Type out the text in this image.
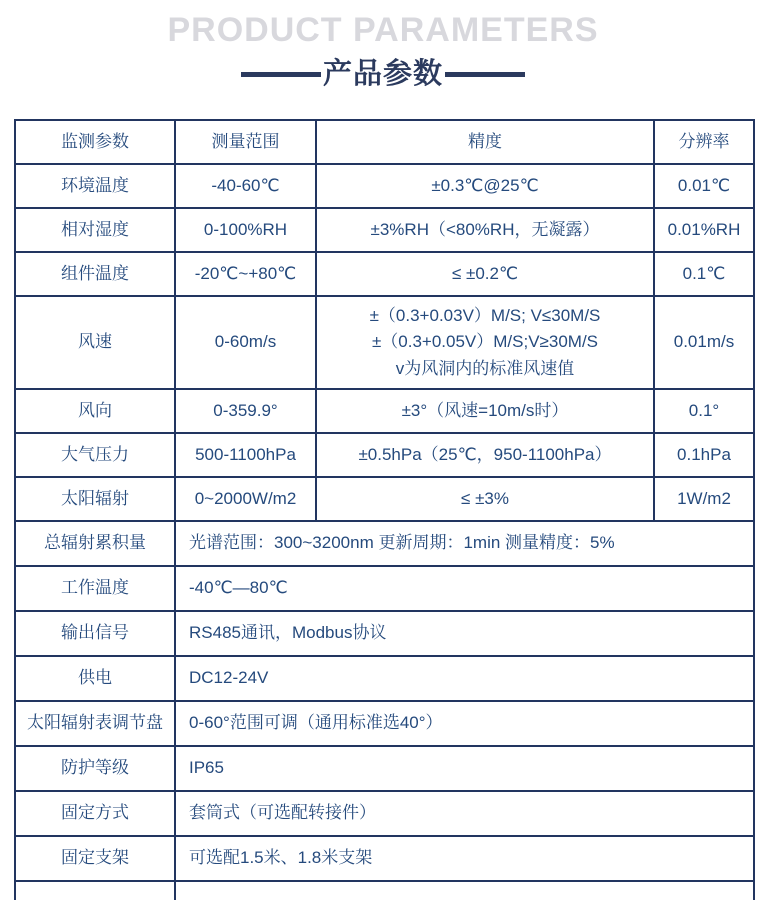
PRODUCT PARAMETERS
产品参数
监测参数	测量范围	精度	分辨率
环境温度	-40-60℃	±0.3℃@25℃	0.01℃
相对湿度	0-100%RH	±3%RH（<80%RH，无凝露）	0.01%RH
组件温度	-20℃~+80℃	≤ ±0.2℃	0.1℃
风速	0-60m/s	±（0.3+0.03V）M/S; V≤30M/S
±（0.3+0.05V）M/S;V≥30M/S
v为风洞内的标准风速值	0.01m/s
风向	0-359.9°	±3°（风速=10m/s时）	0.1°
大气压力	500-1100hPa	±0.5hPa（25℃，950-1100hPa）	0.1hPa
太阳辐射	0~2000W/m2	≤ ±3%	1W/m2
总辐射累积量	光谱范围：300~3200nm 更新周期：1min 测量精度：5%		
工作温度	-40℃—80℃		
输出信号	RS485通讯，Modbus协议		
供电	DC12-24V		
太阳辐射表调节盘	0-60°范围可调（通用标准选40°）		
防护等级	IP65		
固定方式	套筒式（可选配转接件）		
固定支架	可选配1.5米、1.8米支架		
